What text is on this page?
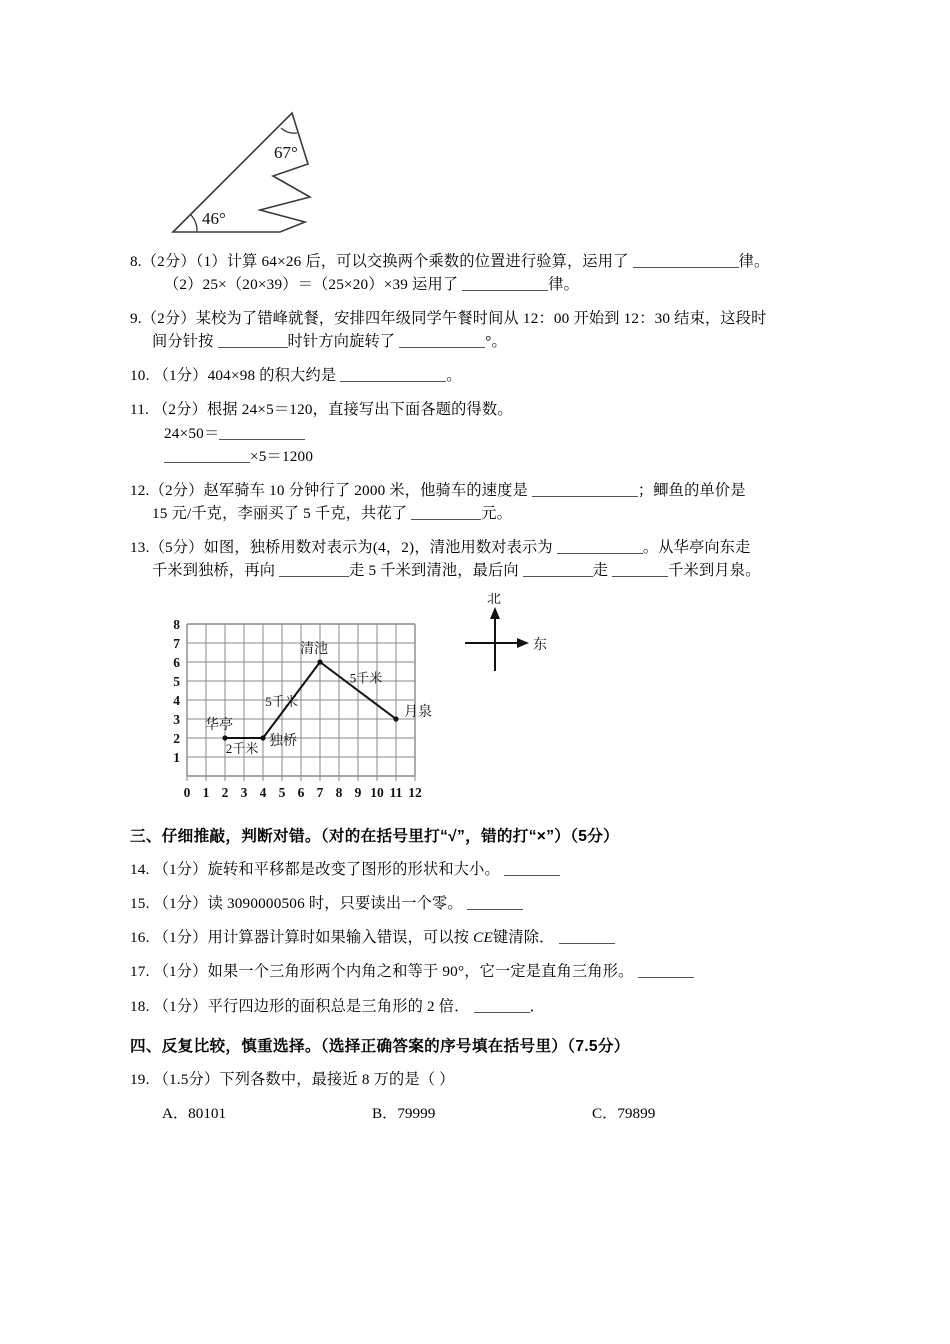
67°
46°
8.（2分）（1）计算 64×26 后，可以交换两个乘数的位置进行验算，运用了	律。
（2）25×（20×39）＝（25×20）×39 运用了	律。
9.（2分）某校为了错峰就餐，安排四年级同学午餐时间从 12：00 开始到 12：30 结束，这段时
间分针按	时针方向旋转了	°。
10. （1分）404×98 的积大约是	。
11. （2分）根据 24×5＝120，直接写出下面各题的得数。
24×50＝
×5＝1200
12.（2分）赵军骑车 10 分钟行了 2000 米，他骑车的速度是	；鲫鱼的单价是
15 元/千克，李丽买了 5 千克，共花了	元。
13.（5分）如图，独桥用数对表示为(4，2)，清池用数对表示为	。从华亭向东走
千米到独桥，再向	走 5 千米到清池，最后向	走	千米到月泉。
1
2
3
4
5
6
7
8
0 1 2 3 4 5 6 7 8 9 10 11 12
华亭
独桥
清池
月泉
2千米
5千米
5千米
北
东
三、仔细推敲，判断对错。（对的在括号里打“√”，错的打“×”）（5分）
14. （1分）旋转和平移都是改变了图形的形状和大小。
15. （1分）读 3090000506 时，只要读出一个零。
16. （1分）用计算器计算时如果输入错误，可以按 CE键清除．
17. （1分）如果一个三角形两个内角之和等于 90°，它一定是直角三角形。
18. （1分）平行四边形的面积总是三角形的 2 倍．	．
四、反复比较，慎重选择。（选择正确答案的序号填在括号里）（7.5分）
19. （1.5分）下列各数中，最接近 8 万的是（ ）
A．80101	B．79999	C．79899
